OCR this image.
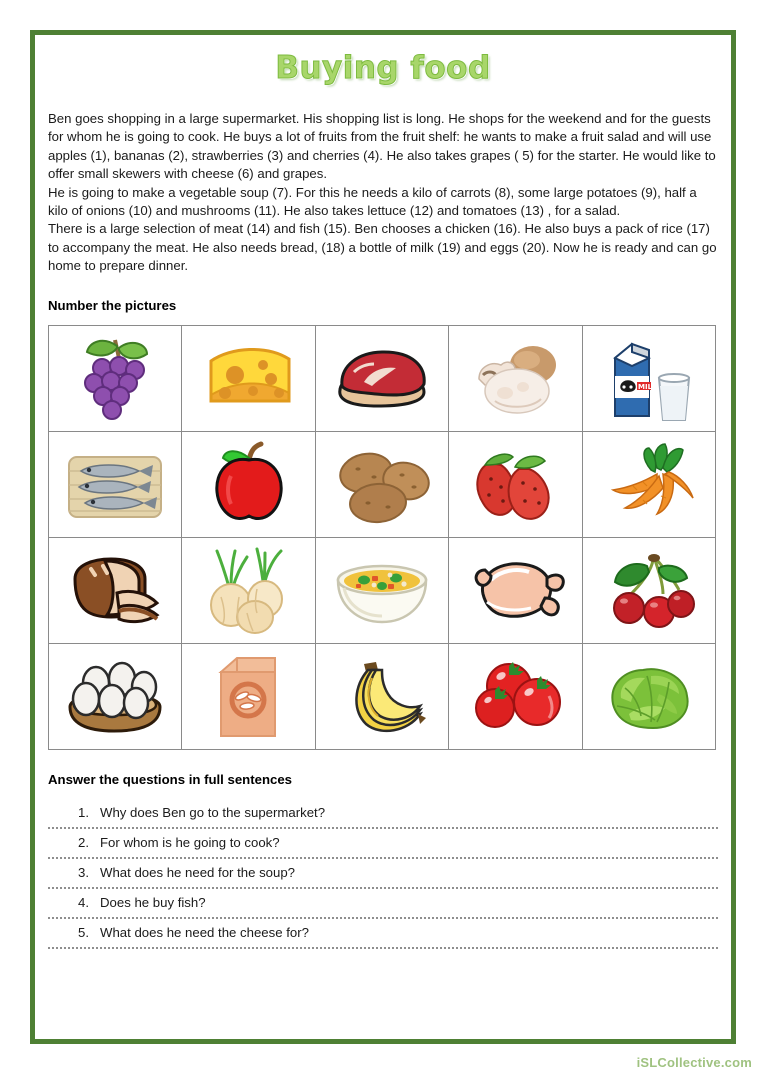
Buying food

Ben goes shopping in a large supermarket. His shopping list is long. He shops for the weekend and for the guests for whom he is going to cook. He buys a lot of fruits from the fruit shelf: he wants to make a fruit salad and will use apples (1), bananas (2), strawberries (3) and cherries (4). He also takes grapes ( 5) for the starter. He would like to offer small skewers with cheese (6) and grapes.

He is going to make a vegetable soup (7). For this he needs a kilo of carrots (8), some large potatoes (9), half a kilo of onions (10) and mushrooms (11). He also takes lettuce (12) and tomatoes (13) , for a salad.

There is a large selection of meat (14) and fish (15). Ben chooses a chicken (16). He also buys a pack of rice (17) to accompany the meat. He also needs bread, (18) a bottle of milk (19) and eggs (20). Now he is ready and can go home to prepare dinner.

Number the pictures

MILK

Answer the questions in full sentences
1. Why does Ben go to the supermarket?
2. For whom is he going to cook?
3. What does he need for the soup?
4. Does he buy fish?
5. What does he need the cheese for?
iSLCollective.com
